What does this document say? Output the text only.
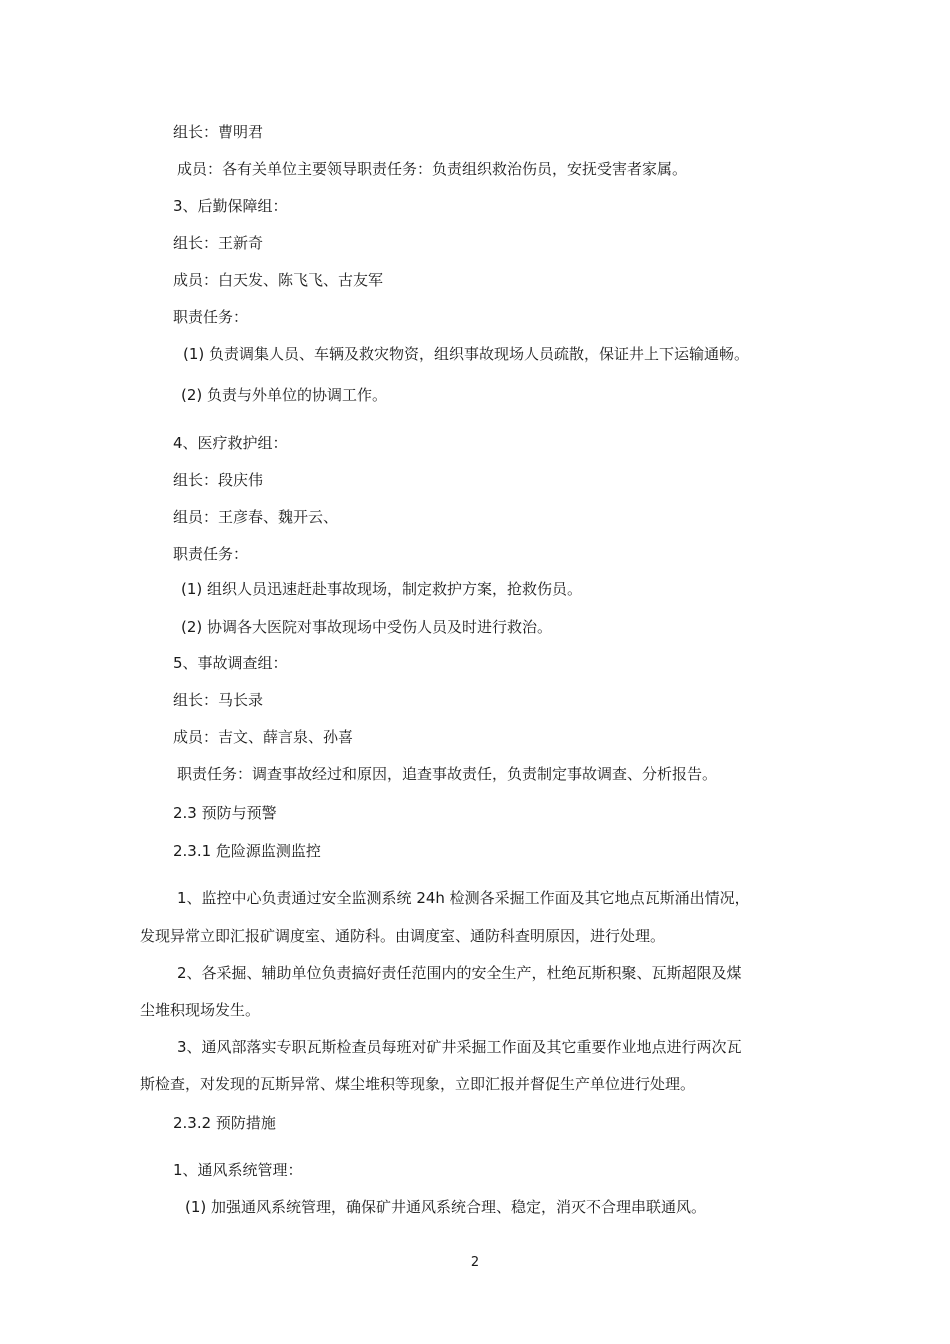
组长：曹明君
成员：各有关单位主要领导职责任务：负责组织救治伤员，安抚受害者家属。
3、后勤保障组：
组长：王新奇
成员：白天发、陈飞飞、古友军
职责任务：
(1) 负责调集人员、车辆及救灾物资，组织事故现场人员疏散，保证井上下运输通畅。
(2) 负责与外单位的协调工作。
4、医疗救护组：
组长：段庆伟
组员：王彦春、魏开云、
职责任务：
(1) 组织人员迅速赶赴事故现场，制定救护方案，抢救伤员。
(2) 协调各大医院对事故现场中受伤人员及时进行救治。
5、事故调查组：
组长：马长录
成员：吉文、薛言泉、孙喜
职责任务：调查事故经过和原因，追查事故责任，负责制定事故调查、分析报告。
2.3 预防与预警
2.3.1 危险源监测监控
1、监控中心负责通过安全监测系统 24h 检测各采掘工作面及其它地点瓦斯涌出情况，
发现异常立即汇报矿调度室、通防科。由调度室、通防科查明原因，进行处理。
2、各采掘、辅助单位负责搞好责任范围内的安全生产，杜绝瓦斯积聚、瓦斯超限及煤
尘堆积现场发生。
3、通风部落实专职瓦斯检查员每班对矿井采掘工作面及其它重要作业地点进行两次瓦
斯检查，对发现的瓦斯异常、煤尘堆积等现象，立即汇报并督促生产单位进行处理。
2.3.2 预防措施
1、通风系统管理：
(1) 加强通风系统管理，确保矿井通风系统合理、稳定，消灭不合理串联通风。
2
